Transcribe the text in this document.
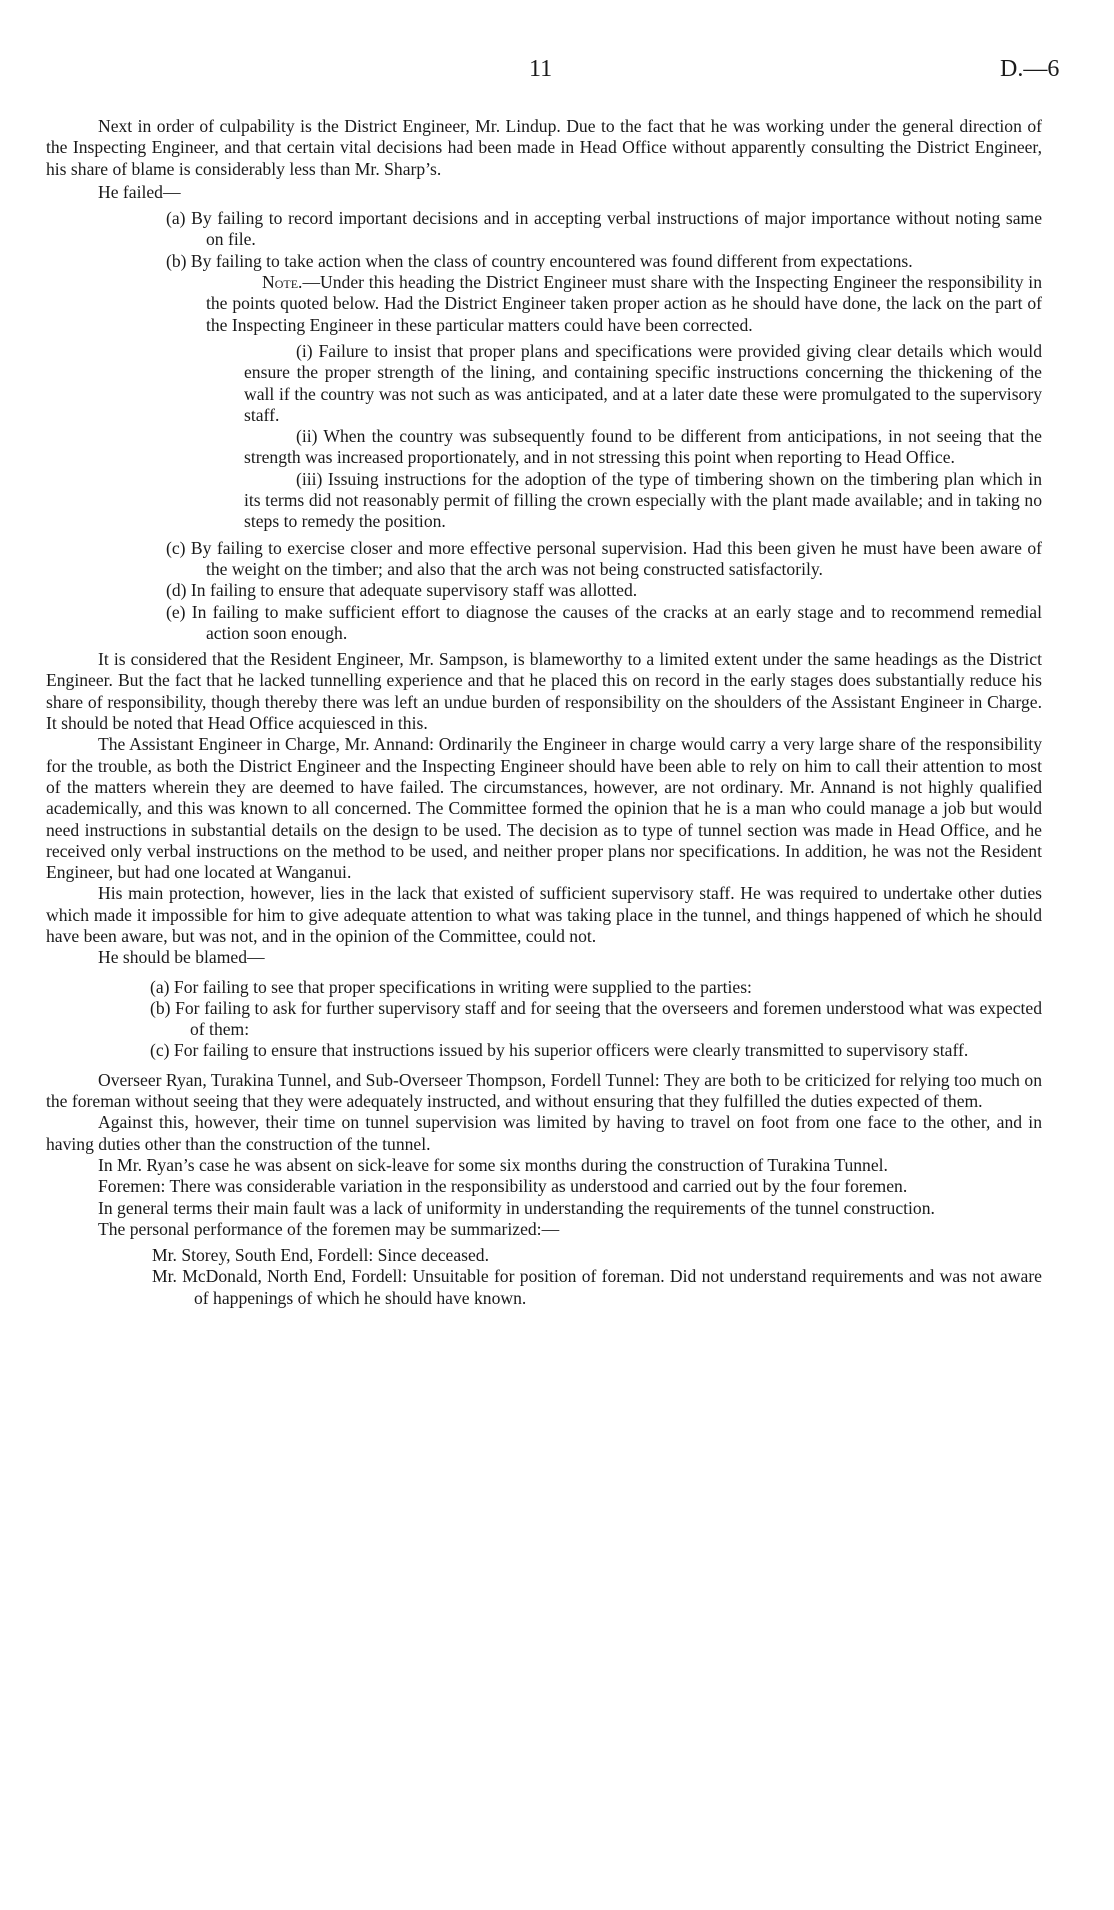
11	D.—6

Next in order of culpability is the District Engineer, Mr. Lindup. Due to the fact that he was working under the general direction of the Inspecting Engineer, and that certain vital decisions had been made in Head Office without apparently consulting the District Engineer, his share of blame is considerably less than Mr. Sharp’s.

He failed—

(a) By failing to record important decisions and in accepting verbal instructions of major importance without noting same on file.

(b) By failing to take action when the class of country encountered was found different from expectations.

Note.—Under this heading the District Engineer must share with the Inspecting Engineer the responsibility in the points quoted below. Had the District Engineer taken proper action as he should have done, the lack on the part of the Inspecting Engineer in these particular matters could have been corrected.

(i) Failure to insist that proper plans and specifications were provided giving clear details which would ensure the proper strength of the lining, and containing specific instructions concerning the thickening of the wall if the country was not such as was anticipated, and at a later date these were promulgated to the supervisory staff.

(ii) When the country was subsequently found to be different from anticipations, in not seeing that the strength was increased proportionately, and in not stressing this point when reporting to Head Office.

(iii) Issuing instructions for the adoption of the type of timbering shown on the timbering plan which in its terms did not reasonably permit of filling the crown especially with the plant made available; and in taking no steps to remedy the position.

(c) By failing to exercise closer and more effective personal supervision. Had this been given he must have been aware of the weight on the timber; and also that the arch was not being constructed satisfactorily.

(d) In failing to ensure that adequate supervisory staff was allotted.

(e) In failing to make sufficient effort to diagnose the causes of the cracks at an early stage and to recommend remedial action soon enough.

It is considered that the Resident Engineer, Mr. Sampson, is blameworthy to a limited extent under the same headings as the District Engineer. But the fact that he lacked tunnelling experience and that he placed this on record in the early stages does substantially reduce his share of responsibility, though thereby there was left an undue burden of responsibility on the shoulders of the Assistant Engineer in Charge. It should be noted that Head Office acquiesced in this.

The Assistant Engineer in Charge, Mr. Annand: Ordinarily the Engineer in charge would carry a very large share of the responsibility for the trouble, as both the District Engineer and the Inspecting Engineer should have been able to rely on him to call their attention to most of the matters wherein they are deemed to have failed. The circumstances, however, are not ordinary. Mr. Annand is not highly qualified academically, and this was known to all concerned. The Committee formed the opinion that he is a man who could manage a job but would need instructions in substantial details on the design to be used. The decision as to type of tunnel section was made in Head Office, and he received only verbal instructions on the method to be used, and neither proper plans nor specifications. In addition, he was not the Resident Engineer, but had one located at Wanganui.

His main protection, however, lies in the lack that existed of sufficient supervisory staff. He was required to undertake other duties which made it impossible for him to give adequate attention to what was taking place in the tunnel, and things happened of which he should have been aware, but was not, and in the opinion of the Committee, could not.

He should be blamed—

(a) For failing to see that proper specifications in writing were supplied to the parties:

(b) For failing to ask for further supervisory staff and for seeing that the overseers and foremen understood what was expected of them:

(c) For failing to ensure that instructions issued by his superior officers were clearly transmitted to supervisory staff.

Overseer Ryan, Turakina Tunnel, and Sub-Overseer Thompson, Fordell Tunnel: They are both to be criticized for relying too much on the foreman without seeing that they were adequately instructed, and without ensuring that they fulfilled the duties expected of them.

Against this, however, their time on tunnel supervision was limited by having to travel on foot from one face to the other, and in having duties other than the construction of the tunnel.

In Mr. Ryan’s case he was absent on sick-leave for some six months during the construction of Turakina Tunnel.

Foremen: There was considerable variation in the responsibility as understood and carried out by the four foremen.

In general terms their main fault was a lack of uniformity in understanding the requirements of the tunnel construction.

The personal performance of the foremen may be summarized:—

Mr. Storey, South End, Fordell: Since deceased.

Mr. McDonald, North End, Fordell: Unsuitable for position of foreman. Did not understand requirements and was not aware of happenings of which he should have known.
